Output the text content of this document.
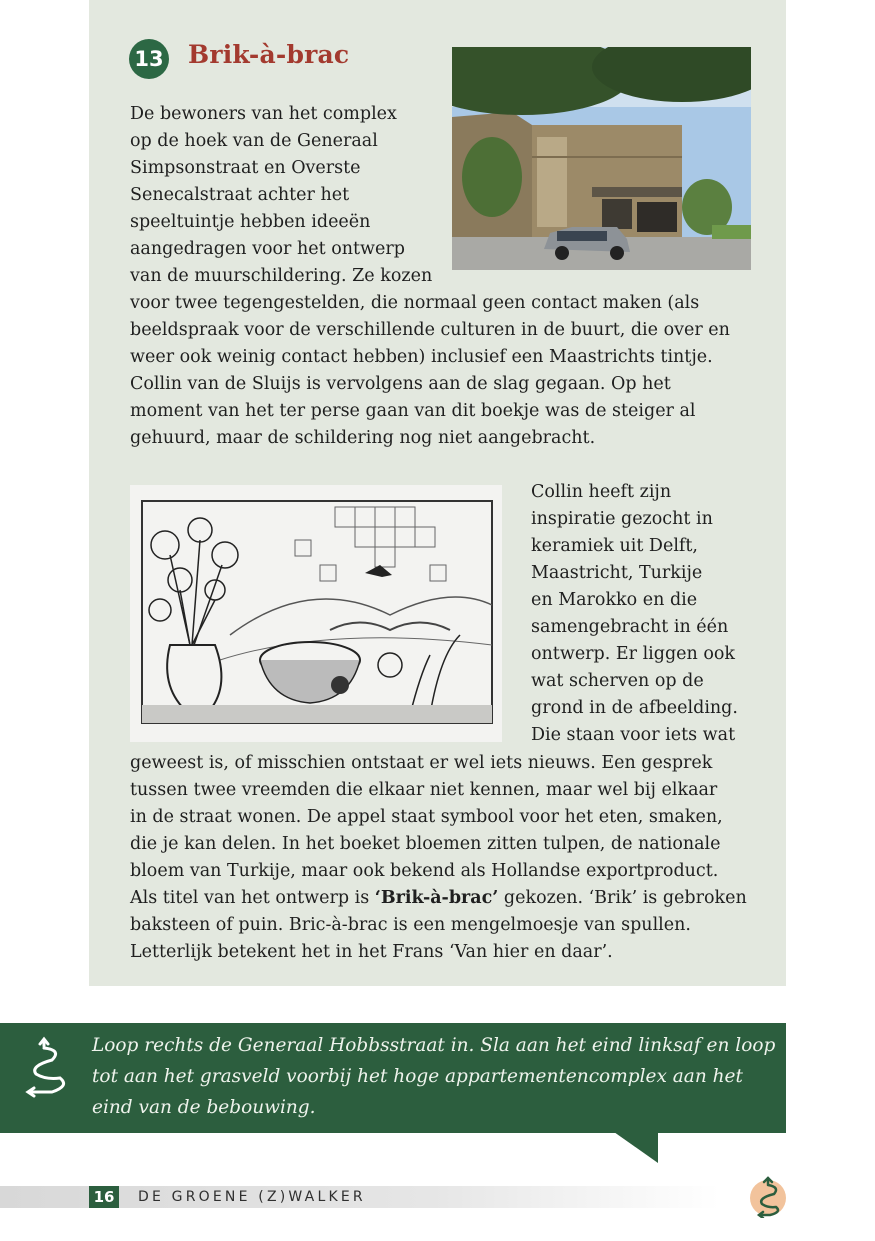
13 Brik-à-brac

De bewoners van het complex

op de hoek van de Generaal

Simpsonstraat en Overste

Senecalstraat achter het

speeltuintje hebben ideeën

aangedragen voor het ontwerp

van de muurschildering. Ze kozen

voor twee tegengestelden, die normaal geen contact maken (als

beeldspraak voor de verschillende culturen in de buurt, die over en

weer ook weinig contact hebben) inclusief een Maastrichts tintje.

Collin van de Sluijs is vervolgens aan de slag gegaan. Op het

moment van het ter perse gaan van dit boekje was de steiger al

gehuurd, maar de schildering nog niet aangebracht.

Collin heeft zijn

inspiratie gezocht in

keramiek uit Delft,

Maastricht, Turkije

en Marokko en die

samengebracht in één

ontwerp. Er liggen ook

wat scherven op de

grond in de afbeelding.

Die staan voor iets wat

geweest is, of misschien ontstaat er wel iets nieuws. Een gesprek

tussen twee vreemden die elkaar niet kennen, maar wel bij elkaar

in de straat wonen. De appel staat symbool voor het eten, smaken,

die je kan delen. In het boeket bloemen zitten tulpen, de nationale

bloem van Turkije, maar ook bekend als Hollandse exportproduct.

Als titel van het ontwerp is ‘Brik-à-brac’ gekozen. ‘Brik’ is gebroken

baksteen of puin. Bric-à-brac is een mengelmoesje van spullen.

Letterlijk betekent het in het Frans ‘Van hier en daar’.

Loop rechts de Generaal Hobbsstraat in. Sla aan het eind linksaf en loop

tot aan het grasveld voorbij het hoge appartementencomplex aan het

eind van de bebouwing.

16	DE GROENE (Z)WALKER
